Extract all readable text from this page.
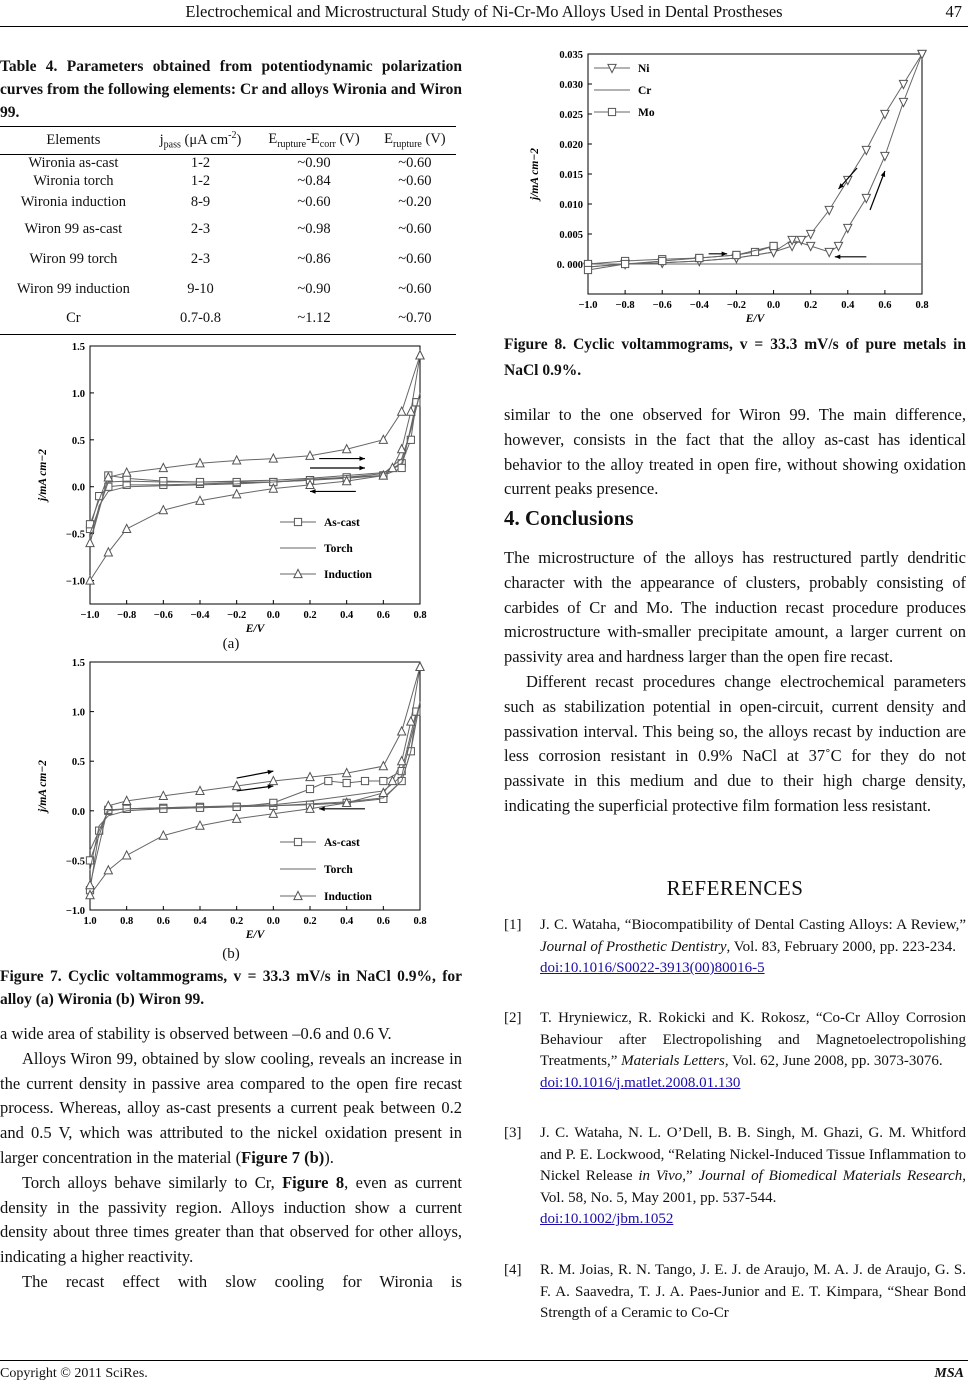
Electrochemical and Microstructural Study of Ni-Cr-Mo Alloys Used in Dental Prostheses	47
Table 4. Parameters obtained from potentiodynamic polarization curves from the following elements: Cr and alloys Wironia and Wiron 99.
Elements	$j_{pass}$ (μA $cm^{-2}$)	$E_{rupture}-E_{corr}$ (V)	$E_{rupture}$ (V)
Wironia as-cast	1-2	~0.90	~0.60
Wironia torch	1-2	~0.84	~0.60
Wironia induction	8-9	~0.60	~0.20
Wiron 99 as-cast	2-3	~0.98	~0.60
Wiron 99 torch	2-3	~0.86	~0.60
Wiron 99 induction	9-10	~0.90	~0.60
Cr	0.7-0.8	~1.12	~0.70
−1.0 −0.8 −0.6 −0.4 −0.2 0.0 0.2 0.4 0.6 0.8
1.5
1.0
0.5
0.0
−0.5
−1.0
E/V
j/mA cm−2
As-cast
Torch
Induction
(a)
1.0 0.8 0.6 0.4 0.2 0.0 0.2 0.4 0.6 0.8
1.5
1.0
0.5
0.0
−0.5
−1.0
E/V
j/mA cm−2
As-cast
Torch
Induction
(b)
Figure 7. Cyclic voltammograms, v = 33.3 mV/s in NaCl 0.9%, for alloy (a) Wironia (b) Wiron 99.

a wide area of stability is observed between –0.6 and 0.6 V.

Alloys Wiron 99, obtained by slow cooling, reveals an increase in the current density in passive area compared to the open fire recast process. Whereas, alloy as-cast presents a current peak between 0.2 and 0.5 V, which was attributed to the nickel oxidation present in larger concentration in the material (Figure 7 (b)).

Torch alloys behave similarly to Cr, Figure 8, even as current density in the passivity region. Alloys induction show a current density about three times greater than that observed for other alloys, indicating a higher reactivity.

The recast effect with slow cooling for Wironia is

−1.0 −0.8 −0.6 −0.4 −0.2 0.0 0.2 0.4 0.6 0.8
0.035
0.030
0.025
0.020
0.015
0.010
0.005
0. 000
E/V
j/mA cm−2
Ni
Cr
Mo
Figure 8. Cyclic voltammograms, v = 33.3 mV/s of pure metals in NaCl 0.9%.

similar to the one observed for Wiron 99. The main difference, however, consists in the fact that the alloy as-cast has identical behavior to the alloy treated in open fire, without showing oxidation current peaks presence.

4. Conclusions

The microstructure of the alloys has restructured partly dendritic character with the appearance of clusters, probably consisting of carbides of Cr and Mo. The induction recast procedure produces microstructure with-smaller precipitate amount, a larger current on passivity area and hardness larger than the open fire recast.

Different recast procedures change electrochemical parameters such as stabilization potential in open-circuit, current density and passivation interval. This being so, the alloys recast by induction are less corrosion resistant in 0.9% NaCl at 37˚C for they do not passivate in this medium and due to their high charge density, indicating the superficial protective film formation less resistant.

REFERENCES
[1] J. C. Wataha, “Biocompatibility of Dental Casting Alloys: A Review,” Journal of Prosthetic Dentistry, Vol. 83, February 2000, pp. 223-234.
doi:10.1016/S0022-3913(00)80016-5
[2] T. Hryniewicz, R. Rokicki and K. Rokosz, “Co-Cr Alloy Corrosion Behaviour after Electropolishing and Magnetoelectropolishing Treatments,” Materials Letters, Vol. 62, June 2008, pp. 3073-3076.
doi:10.1016/j.matlet.2008.01.130
[3] J. C. Wataha, N. L. O’Dell, B. B. Singh, M. Ghazi, G. M. Whitford and P. E. Lockwood, “Relating Nickel-Induced Tissue Inflammation to Nickel Release in Vivo,” Journal of Biomedical Materials Research, Vol. 58, No. 5, May 2001, pp. 537-544.
doi:10.1002/jbm.1052
[4] R. M. Joias, R. N. Tango, J. E. J. de Araujo, M. A. J. de Araujo, G. S. F. A. Saavedra, T. J. A. Paes-Junior and E. T. Kimpara, “Shear Bond Strength of a Ceramic to Co-Cr
Copyright © 2011 SciRes.	MSA
